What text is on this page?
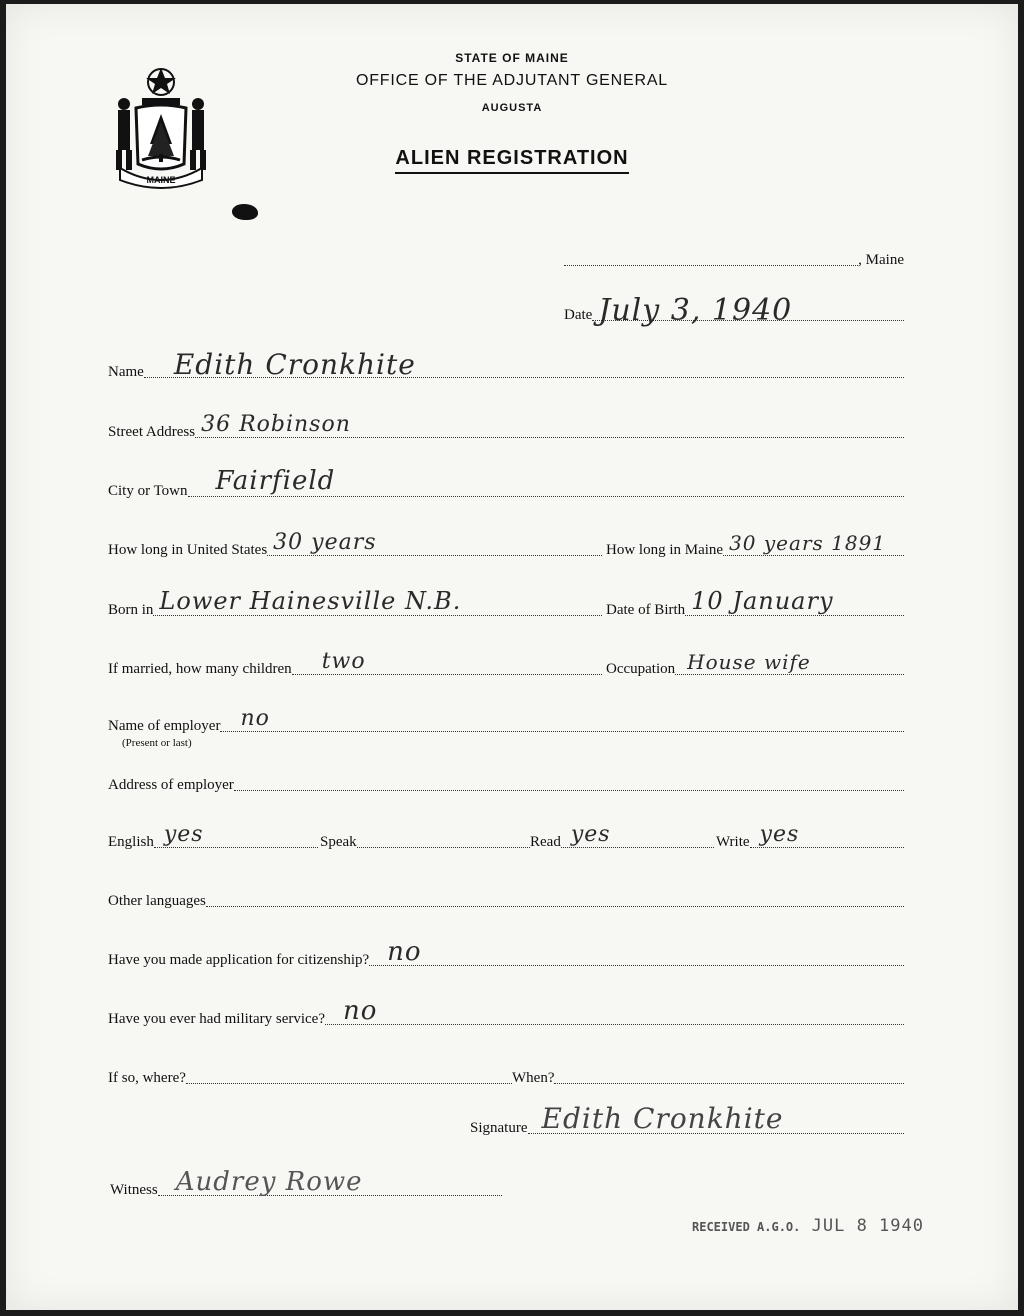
MAINE
STATE OF MAINE
OFFICE OF THE ADJUTANT GENERAL
AUGUSTA
ALIEN REGISTRATION
, Maine
Date July 3, 1940
Name Edith Cronkhite
Street Address 36 Robinson
City or Town Fairfield
How long in United States 30 years	How long in Maine 30 years 1891
Born in Lower Hainesville N.B.	Date of Birth 10 January
If married, how many children two	Occupation House wife
Name of employer no
(Present or last)
Address of employer
English yes	Speak	Read yes	Write yes
Other languages
Have you made application for citizenship? no
Have you ever had military service? no
If so, where?	When?
Signature Edith Cronkhite
Witness Audrey Rowe
RECEIVED A.G.O. JUL 8 1940
